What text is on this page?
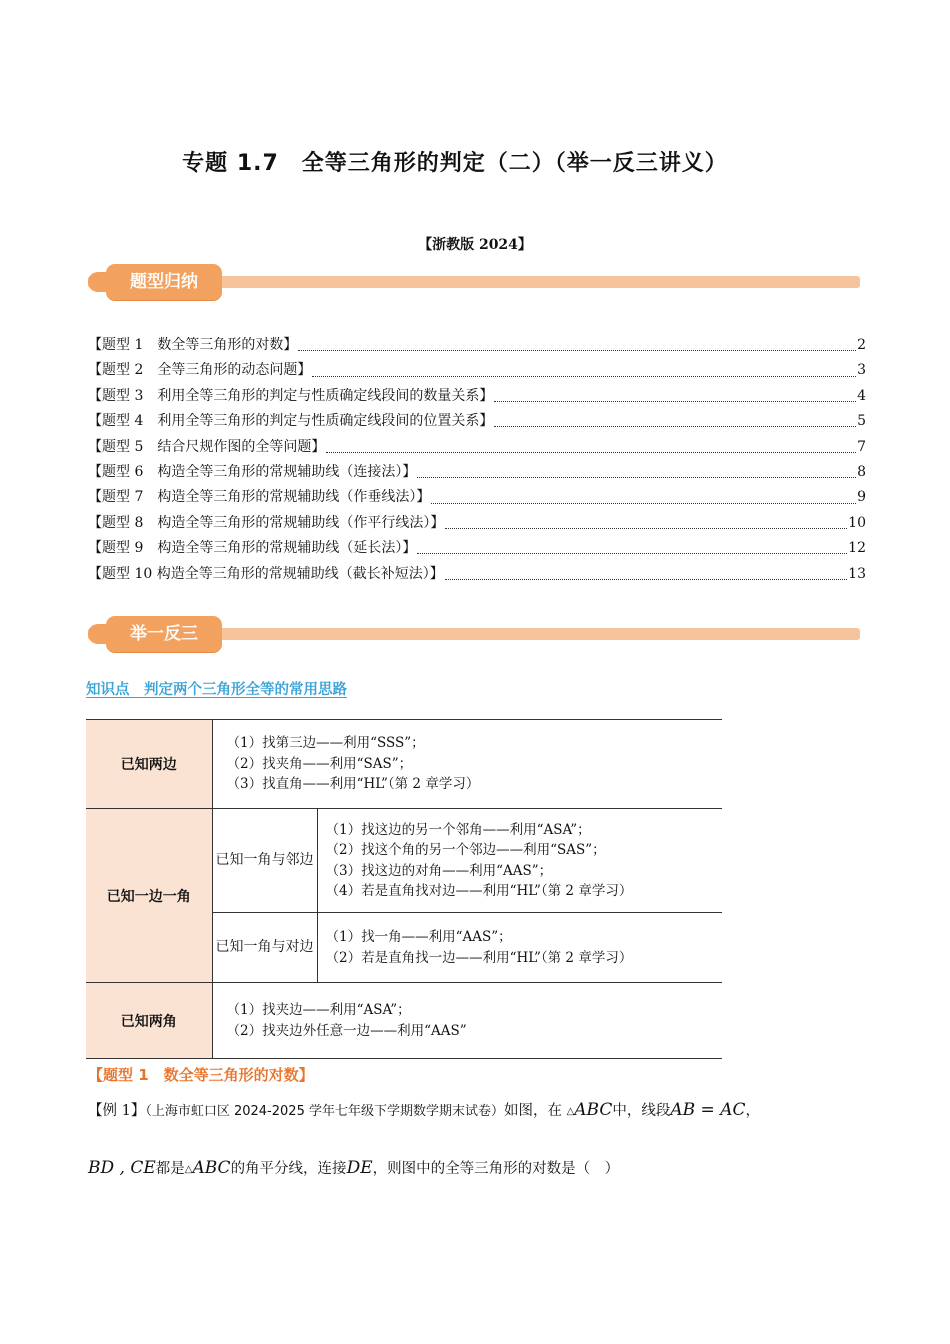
专题 1.7　全等三角形的判定（二）（举一反三讲义）
【浙教版 2024】
题型归纳
【题型 1　数全等三角形的对数】	2
【题型 2　全等三角形的动态问题】	3
【题型 3　利用全等三角形的判定与性质确定线段间的数量关系】	4
【题型 4　利用全等三角形的判定与性质确定线段间的位置关系】	5
【题型 5　结合尺规作图的全等问题】	7
【题型 6　构造全等三角形的常规辅助线（连接法）】	8
【题型 7　构造全等三角形的常规辅助线（作垂线法）】	9
【题型 8　构造全等三角形的常规辅助线（作平行线法）】	10
【题型 9　构造全等三角形的常规辅助线（延长法）】	12
【题型 10 构造全等三角形的常规辅助线（截长补短法）】	13
举一反三
知识点　判定两个三角形全等的常用思路
已知两边	（1）找第三边——利用“SSS”；
（2）找夹角——利用“SAS”；
（3）找直角——利用“HL”（第 2 章学习）	

已知一边一角	已知一角与邻边	（1）找这边的另一个邻角——利用“ASA”；
（2）找这个角的另一个邻边——利用“SAS”；
（3）找这边的对角——利用“AAS”；
（4）若是直角找对边——利用“HL”（第 2 章学习）

	已知一角与对边	（1）找一角——利用“AAS”；
（2）若是直角找一边——利用“HL”（第 2 章学习）

已知两角	（1）找夹边——利用“ASA”；
（2）找夹边外任意一边——利用“AAS”	
【题型 1　数全等三角形的对数】
【例 1】（上海市虹口区 2024-2025 学年七年级下学期数学期末试卷）如图，在 △ABC中，线段AB = AC，
BD , CE都是△ABC的角平分线，连接DE，则图中的全等三角形的对数是（　）
